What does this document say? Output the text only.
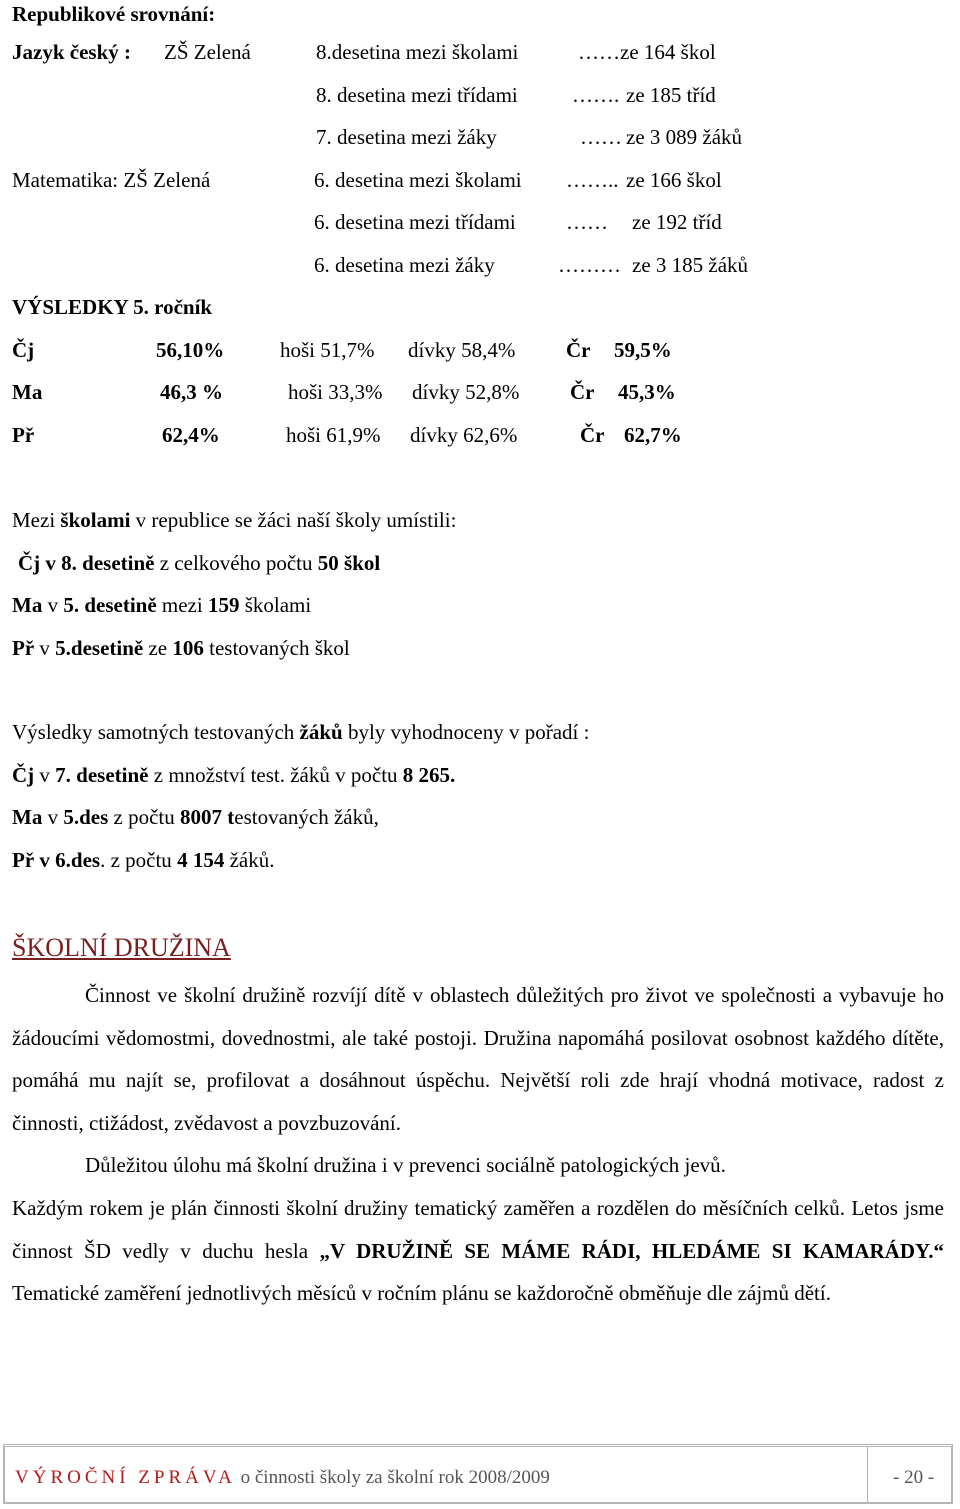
Republikové srovnání:
Jazyk český : ZŠ Zelená	8.desetina mezi školami	…… ze 164 škol
8. desetina mezi třídami	……. ze 185 tříd
7. desetina mezi žáky	…… ze 3 089 žáků
Matematika: ZŠ Zelená	6. desetina mezi školami …….. ze 166 škol
6. desetina mezi třídami …… ze 192 tříd
6. desetina mezi žáky	……… ze 3 185 žáků
VÝSLEDKY 5. ročník
Čj	56,10%	hoši 51,7% dívky 58,4% Čr 59,5%
Ma	46,3 %	hoši 33,3% dívky 52,8% Čr 45,3%
Př	62,4%	hoši 61,9% dívky 62,6%	Čr 62,7%
Mezi školami v republice se žáci naší školy umístili:
Čj v 8. desetině z celkového počtu 50 škol
Ma v 5. desetině mezi 159 školami
Př v 5.desetině ze 106 testovaných škol
Výsledky samotných testovaných žáků byly vyhodnoceny v pořadí :
Čj v 7. desetině z množství test. žáků v počtu 8 265.
Ma v 5.des z počtu 8007 testovaných žáků,
Př v 6.des. z počtu 4 154 žáků.
ŠKOLNÍ DRUŽINA

Činnost ve školní družině rozvíjí dítě v oblastech důležitých pro život ve společnosti a vybavuje ho žádoucími vědomostmi, dovednostmi, ale také postoji. Družina napomáhá posilovat osobnost každého dítěte, pomáhá mu najít se, profilovat a dosáhnout úspěchu. Největší roli zde hrají vhodná motivace, radost z činnosti, ctižádost, zvědavost a povzbuzování.

Důležitou úlohu má školní družina i v prevenci sociálně patologických jevů.

Každým rokem je plán činnosti školní družiny tematický zaměřen a rozdělen do měsíčních celků. Letos jsme činnost ŠD vedly v duchu hesla „V DRUŽINĚ SE MÁME RÁDI, HLEDÁME SI KAMARÁDY.“ Tematické zaměření jednotlivých měsíců v ročním plánu se každoročně obměňuje dle zájmů dětí.

VÝROČNÍ ZPRÁVA o činnosti školy za školní rok 2008/2009	- 20 -
